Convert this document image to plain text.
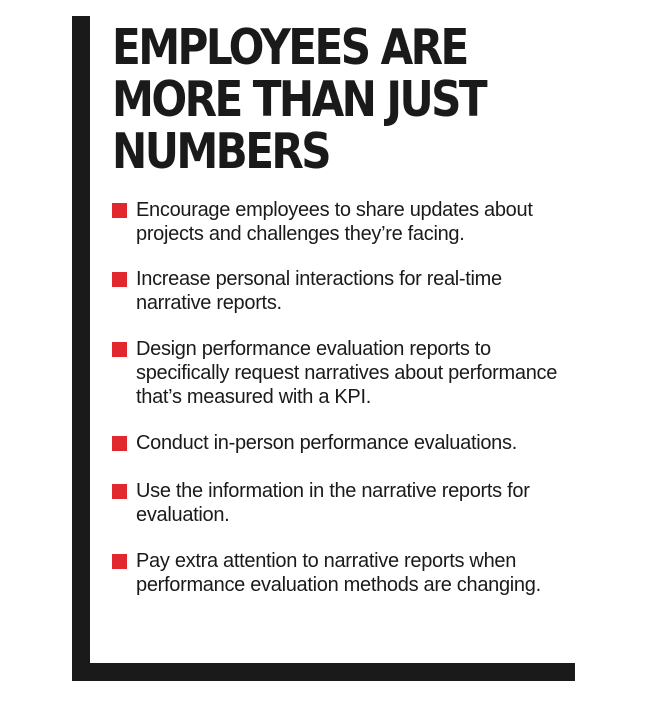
EMPLOYEES ARE MORE THAN JUST NUMBERS
Encourage employees to share updates about projects and challenges they’re facing.
Increase personal interactions for real-time narrative reports.
Design performance evaluation reports to specifically request narratives about performance that’s measured with a KPI.
Conduct in-person performance evaluations.
Use the information in the narrative reports for evaluation.
Pay extra attention to narrative reports when performance evaluation methods are changing.
